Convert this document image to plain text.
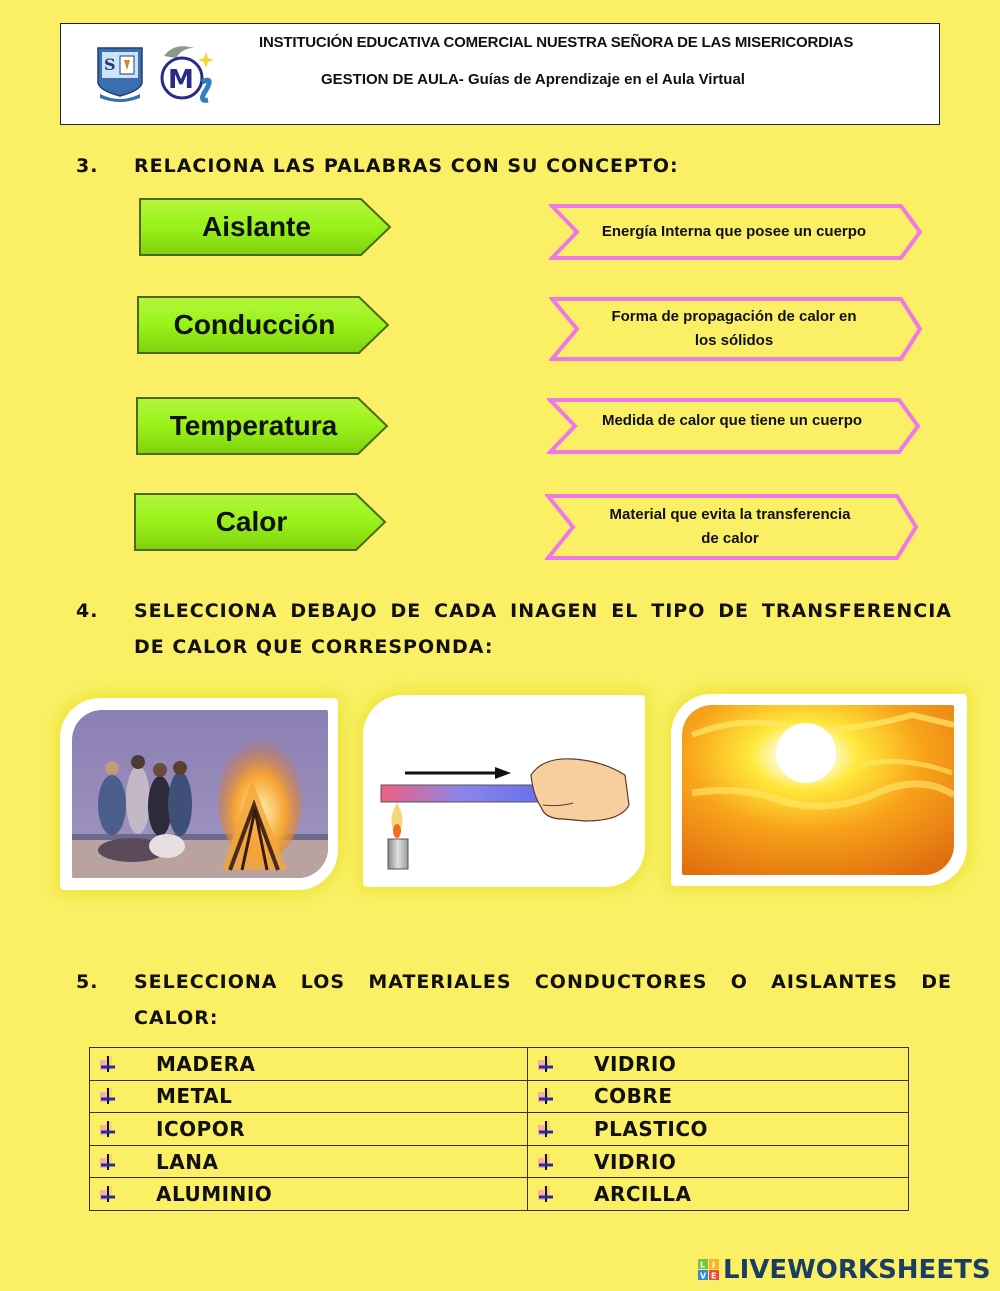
S
M
INSTITUCIÓN EDUCATIVA COMERCIAL NUESTRA SEÑORA DE LAS MISERICORDIAS
GESTION DE AULA- Guías de Aprendizaje en el Aula Virtual
3. RELACIONA LAS PALABRAS CON SU CONCEPTO:
Aislante
Conducción
Temperatura
Calor
Energía Interna que posee un cuerpo
Forma de propagación de calor en
los sólidos
Medida de calor que tiene un cuerpo
Material que evita la transferencia
de calor
4. SELECCIONA DEBAJO DE CADA INAGEN EL TIPO DE TRANSFERENCIA
DE CALOR QUE CORRESPONDA:
5. SELECCIONA LOS MATERIALES CONDUCTORES O AISLANTES DE
CALOR:
MADERA	VIDRIO

METAL	COBRE

ICOPOR	PLASTICO

LANA	VIDRIO

ALUMINIO	ARCILLA
L I
V E LIVEWORKSHEETS
